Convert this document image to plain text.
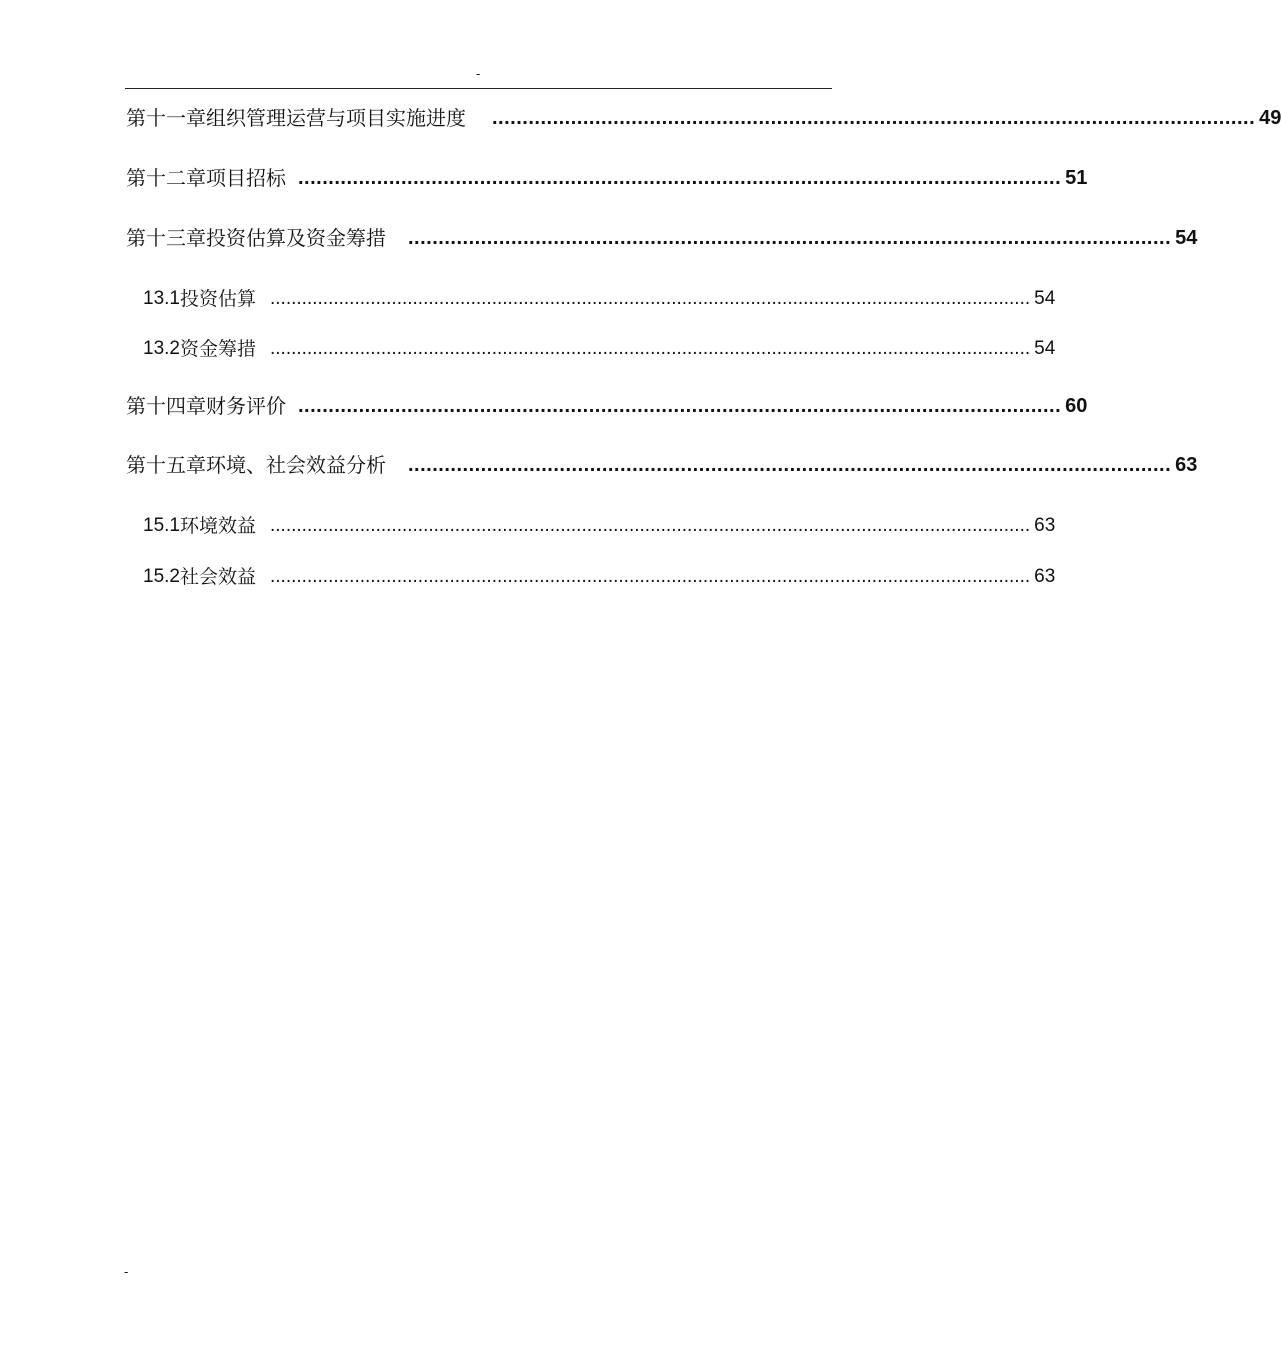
-
第十一章 组织管理运营与项目实施进度	.............................................................................................................................. 49
第十二章 项目招标 .............................................................................................................................. 51
第十三章 投资估算及资金筹措	.............................................................................................................................. 54
13.1 投资估算 ................................................................................................................................................ 54
13.2 资金筹措 ................................................................................................................................................ 54
第十四章 财务评价 .............................................................................................................................. 60
第十五章 环境、社会效益分析	.............................................................................................................................. 63
15.1 环境效益 ................................................................................................................................................ 63
15.2 社会效益 ................................................................................................................................................ 63
-
